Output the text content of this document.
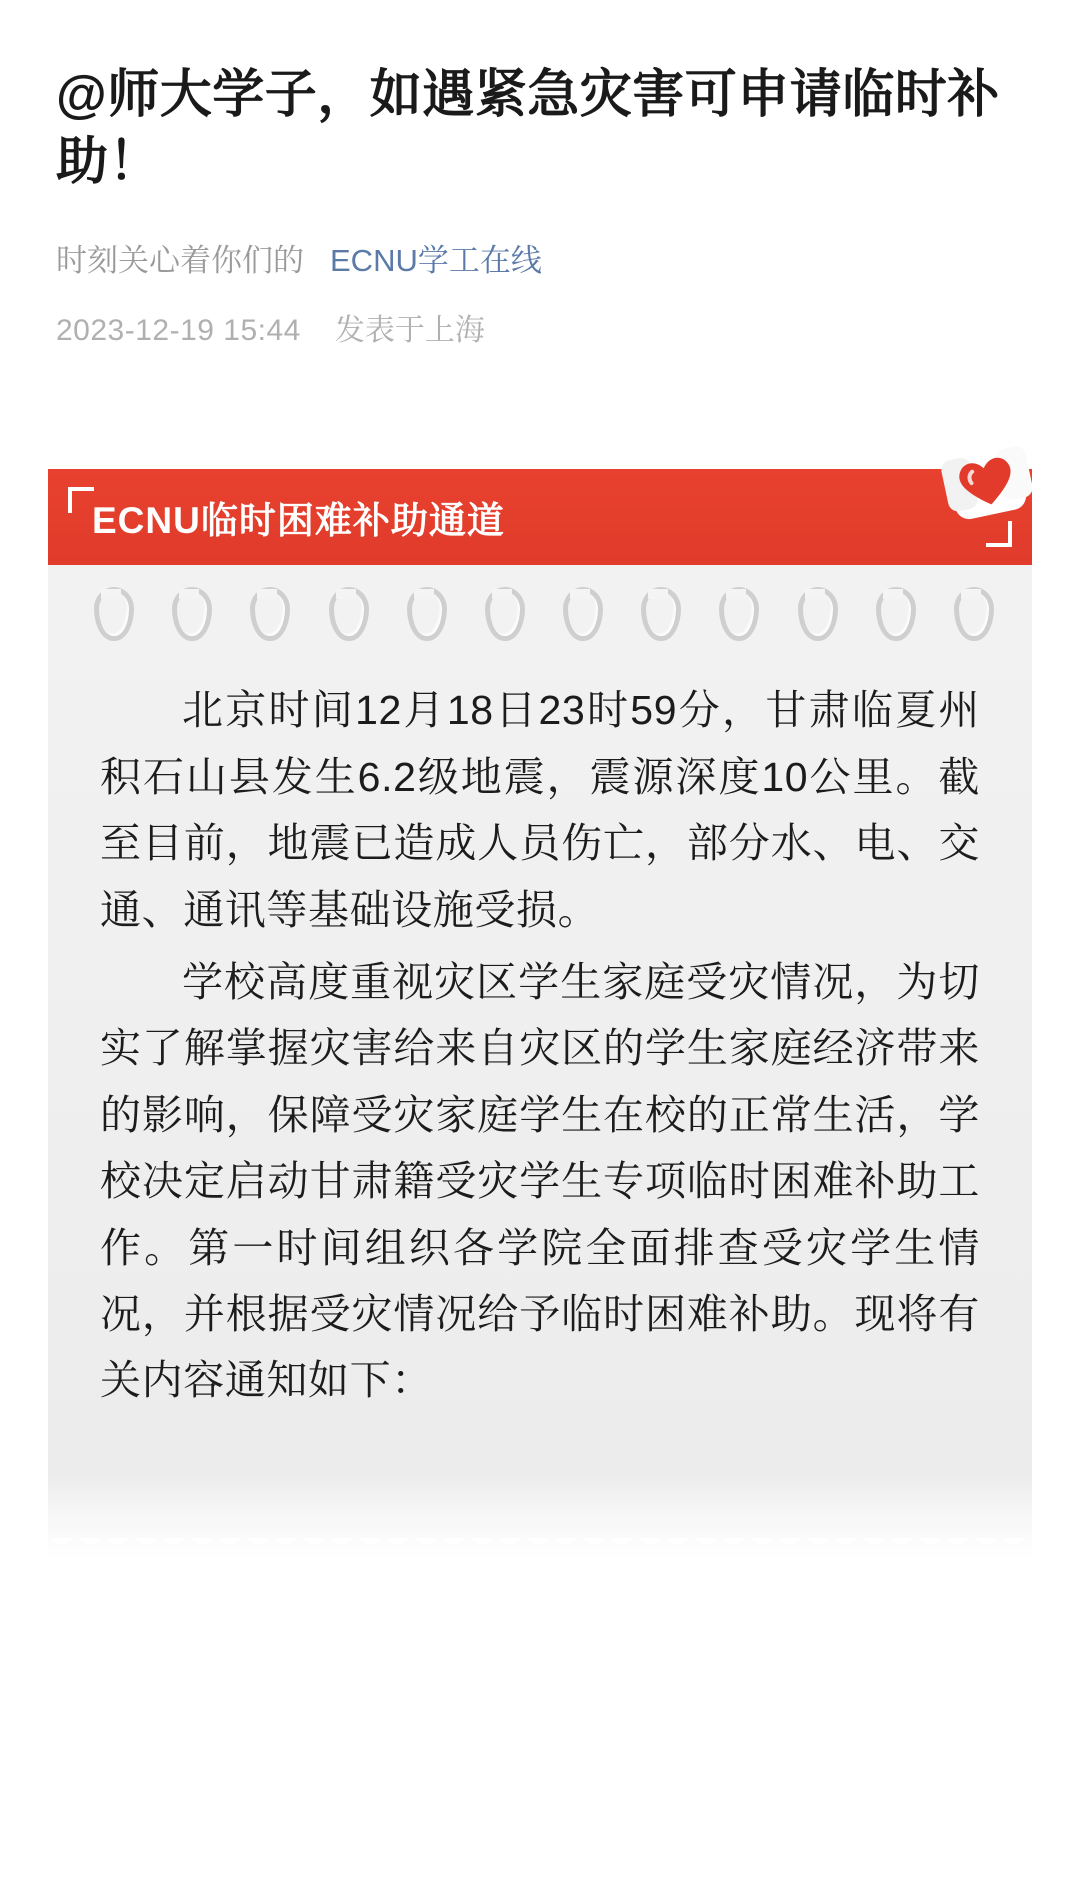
@师大学子，如遇紧急灾害可申请临时补助！
时刻关心着你们的 ECNU学工在线
2023-12-19 15:44 发表于上海
ECNU临时困难补助通道

北京时间12月18日23时59分，甘肃临夏州积石山县发生6.2级地震，震源深度10公里。截至目前，地震已造成人员伤亡，部分水、电、交通、通讯等基础设施受损。

学校高度重视灾区学生家庭受灾情况，为切实了解掌握灾害给来自灾区的学生家庭经济带来的影响，保障受灾家庭学生在校的正常生活，学校决定启动甘肃籍受灾学生专项临时困难补助工作。第一时间组织各学院全面排查受灾学生情况，并根据受灾情况给予临时困难补助。现将有关内容通知如下：
